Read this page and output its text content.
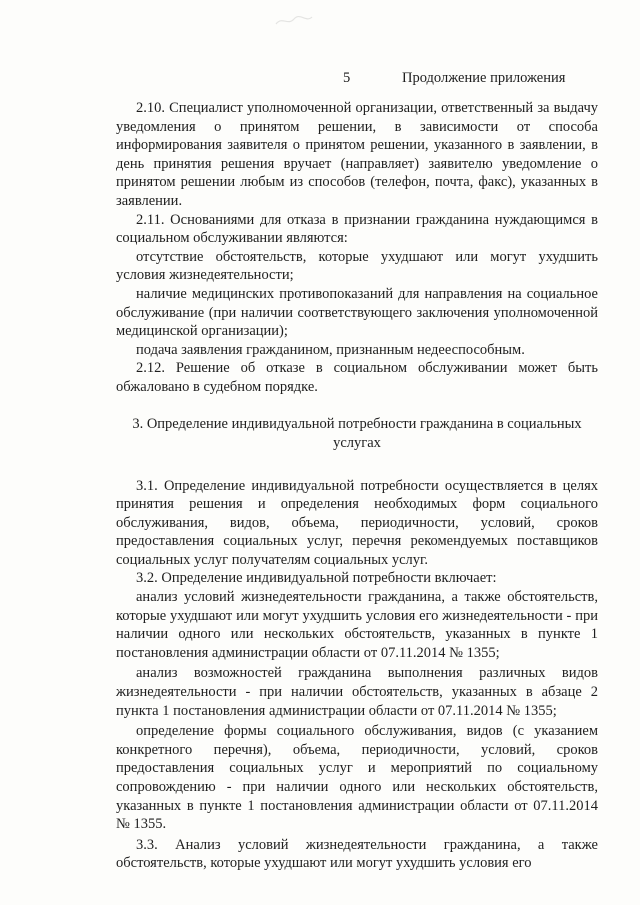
5	Продолжение приложения

2.10. Специалист уполномоченной организации, ответственный за выдачу уведомления о принятом решении, в зависимости от способа информирования заявителя о принятом решении, указанного в заявлении, в день принятия решения вручает (направляет) заявителю уведомление о принятом решении любым из способов (телефон, почта, факс), указанных в заявлении.

2.11. Основаниями для отказа в признании гражданина нуждающимся в социальном обслуживании являются:

отсутствие обстоятельств, которые ухудшают или могут ухудшить условия жизнедеятельности;

наличие медицинских противопоказаний для направления на социальное обслуживание (при наличии соответствующего заключения уполномоченной медицинской организации);

подача заявления гражданином, признанным недееспособным.

2.12. Решение об отказе в социальном обслуживании может быть обжаловано в судебном порядке.

3. Определение индивидуальной потребности гражданина в социальных услугах

3.1. Определение индивидуальной потребности осуществляется в целях принятия решения и определения необходимых форм социального обслуживания, видов, объема, периодичности, условий, сроков предоставления социальных услуг, перечня рекомендуемых поставщиков социальных услуг получателям социальных услуг.

3.2. Определение индивидуальной потребности включает:

анализ условий жизнедеятельности гражданина, а также обстоятельств, которые ухудшают или могут ухудшить условия его жизнедеятельности - при наличии одного или нескольких обстоятельств, указанных в пункте 1 постановления администрации области от 07.11.2014 № 1355;

анализ возможностей гражданина выполнения различных видов жизнедеятельности - при наличии обстоятельств, указанных в абзаце 2 пункта 1 постановления администрации области от 07.11.2014 № 1355;

определение формы социального обслуживания, видов (с указанием конкретного перечня), объема, периодичности, условий, сроков предоставления социальных услуг и мероприятий по социальному сопровождению - при наличии одного или нескольких обстоятельств, указанных в пункте 1 постановления администрации области от 07.11.2014 № 1355.

3.3. Анализ условий жизнедеятельности гражданина, а также обстоятельств, которые ухудшают или могут ухудшить условия его
